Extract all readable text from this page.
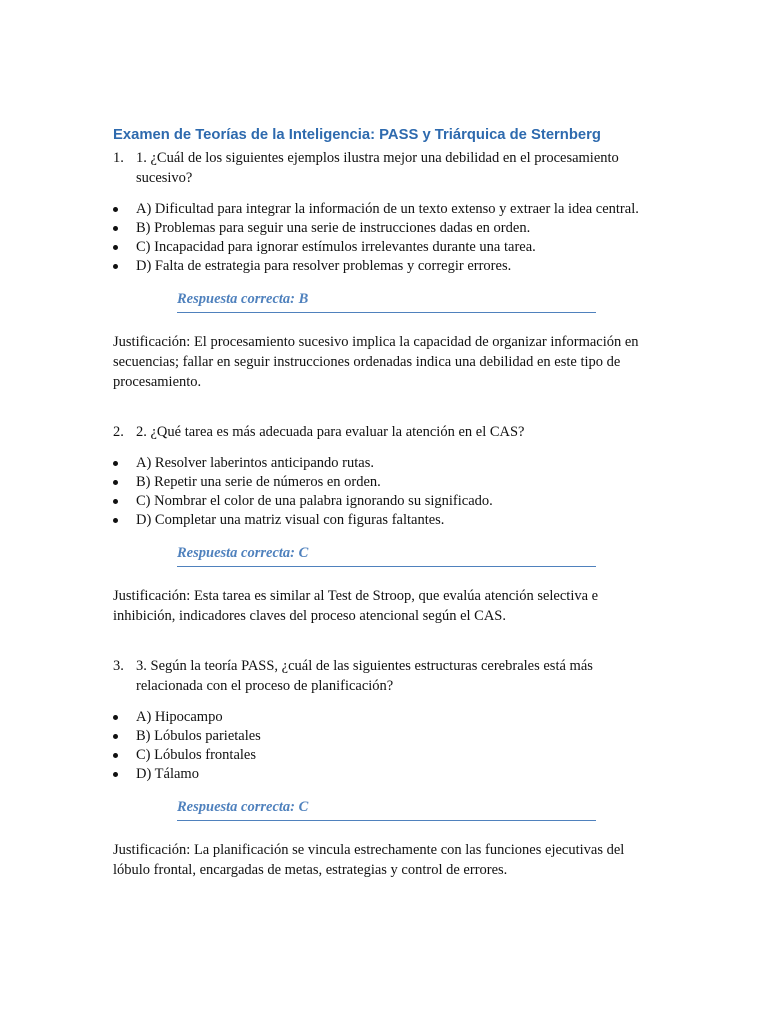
Examen de Teorías de la Inteligencia: PASS y Triárquica de Sternberg
1. 1. ¿Cuál de los siguientes ejemplos ilustra mejor una debilidad en el procesamiento sucesivo?
A) Dificultad para integrar la información de un texto extenso y extraer la idea central.
B) Problemas para seguir una serie de instrucciones dadas en orden.
C) Incapacidad para ignorar estímulos irrelevantes durante una tarea.
D) Falta de estrategia para resolver problemas y corregir errores.
Respuesta correcta: B

Justificación: El procesamiento sucesivo implica la capacidad de organizar información en secuencias; fallar en seguir instrucciones ordenadas indica una debilidad en este tipo de procesamiento.

2. 2. ¿Qué tarea es más adecuada para evaluar la atención en el CAS?
A) Resolver laberintos anticipando rutas.
B) Repetir una serie de números en orden.
C) Nombrar el color de una palabra ignorando su significado.
D) Completar una matriz visual con figuras faltantes.
Respuesta correcta: C

Justificación: Esta tarea es similar al Test de Stroop, que evalúa atención selectiva e inhibición, indicadores claves del proceso atencional según el CAS.

3. 3. Según la teoría PASS, ¿cuál de las siguientes estructuras cerebrales está más relacionada con el proceso de planificación?
A) Hipocampo
B) Lóbulos parietales
C) Lóbulos frontales
D) Tálamo
Respuesta correcta: C

Justificación: La planificación se vincula estrechamente con las funciones ejecutivas del lóbulo frontal, encargadas de metas, estrategias y control de errores.
